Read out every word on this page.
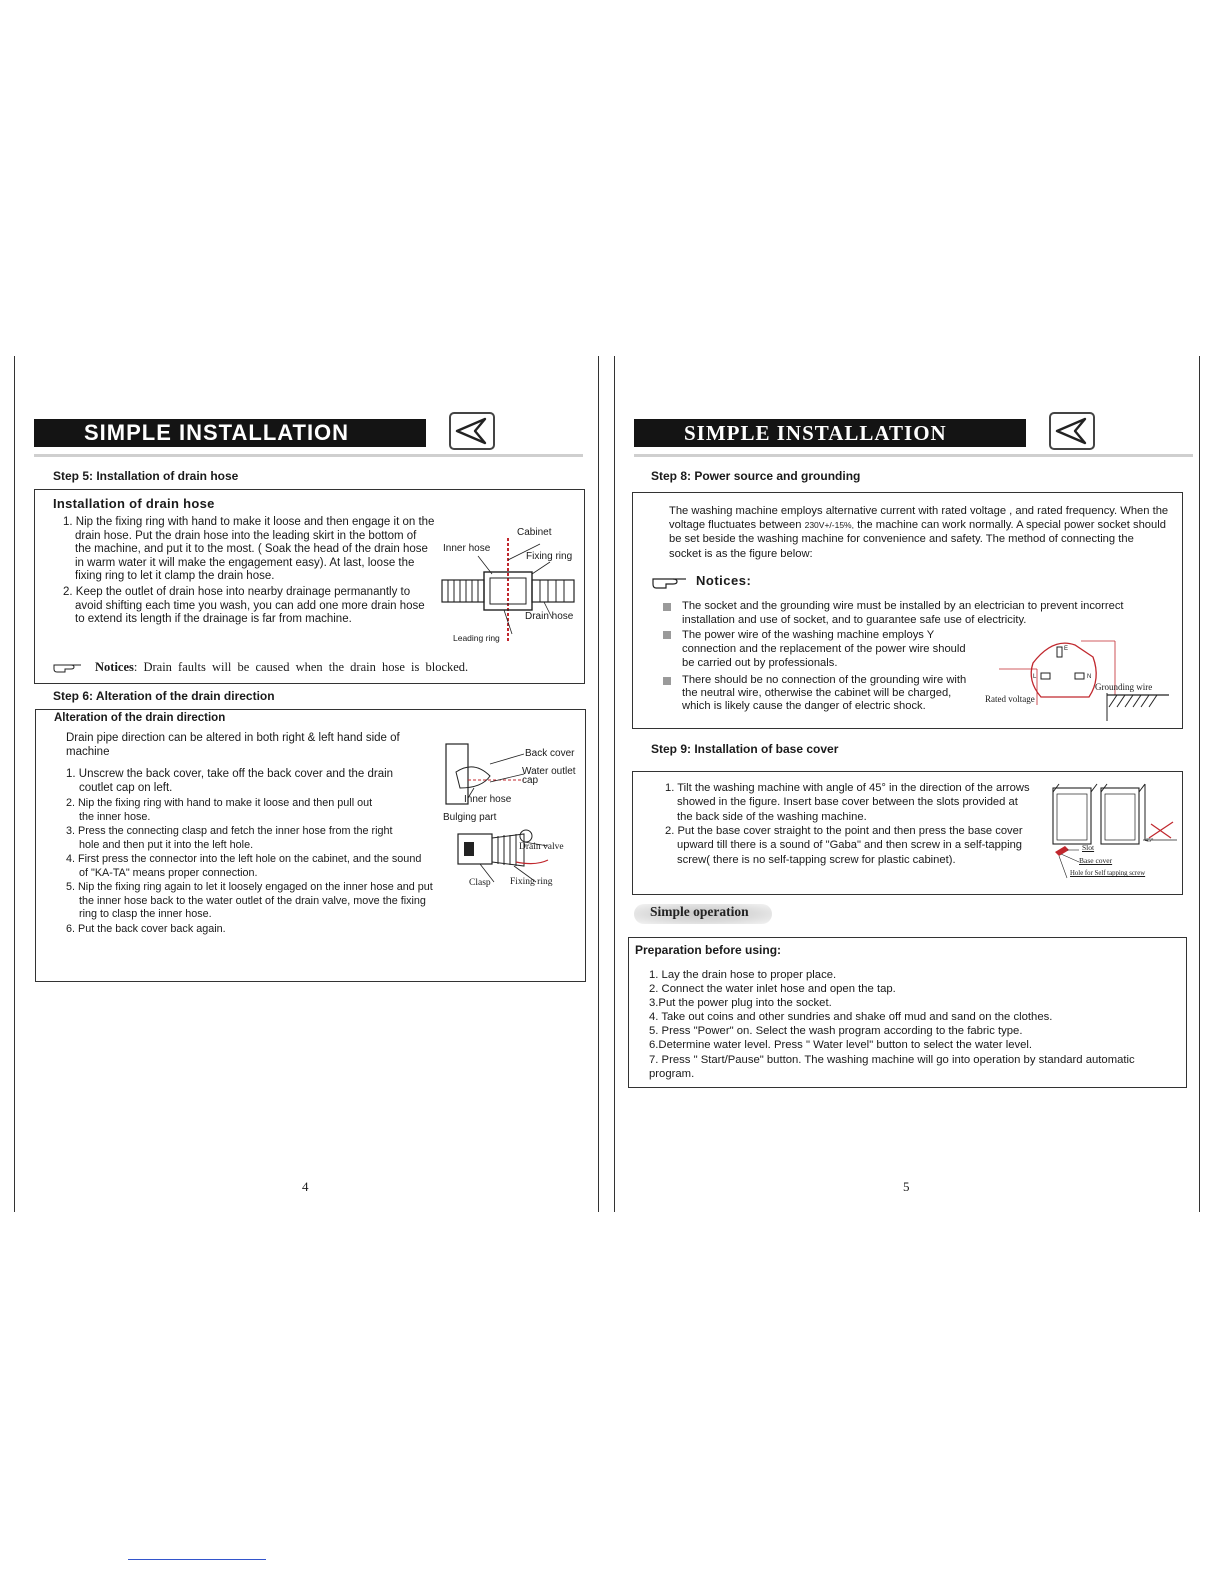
SIMPLE INSTALLATION
Step 5: Installation of drain hose
Installation of drain hose
1. Nip the fixing ring with hand to make it loose and then engage it on the drain hose. Put the drain hose into the leading skirt in the bottom of the machine, and put it to the most. ( Soak the head of the drain hose in warm water it will make the engagement easy). At last, loose the fixing ring to let it clamp the drain hose.
2. Keep the outlet of drain hose into nearby drainage permanantly to avoid shifting each time you wash, you can add one more drain hose to extend its length if the drainage is far from machine.
Cabinet
Inner hose
Fixing ring
Drain hose
Leading ring
Notices: Drain faults will be caused when the drain hose is blocked.
Step 6: Alteration of the drain direction
Alteration of the drain direction
Drain pipe direction can be altered in both right & left hand side of machine
1. Unscrew the back cover, take off the back cover and the drain coutlet cap on left.
2. Nip the fixing ring with hand to make it loose and then pull out the inner hose.
3. Press the connecting clasp and fetch the inner hose from the right hole and then put it into the left hole.
4. First press the connector into the left hole on the cabinet, and the sound of "KA-TA" means proper connection.
5. Nip the fixing ring again to let it loosely engaged on the inner hose and put the inner hose back to the water outlet of the drain valve, move the fixing ring to clasp the inner hose.
6. Put the back cover back again.
Back cover
Water outlet
cap
Inner hose
Bulging part
Drain valve
Clasp Fixing ring
4
SIMPLE INSTALLATION
Step 8: Power source and grounding
The washing machine employs alternative current with rated voltage , and rated frequency. When the voltage fluctuates between 230V+/-15%, the machine can work normally. A special power socket should be set beside the washing machine for convenience and safety. The method of connecting the socket is as the figure below:
Notices:
The socket and the grounding wire must be installed by an electrician to prevent incorrect installation and use of socket, and to guarantee safe use of electricity.
The power wire of the washing machine employs Y connection and the replacement of the power wire should be carried out by professionals.
There should be no connection of the grounding wire with the neutral wire, otherwise the cabinet will be charged, which is likely cause the danger of electric shock.
E
L	N
Rated voltage
Grounding wire
Step 9: Installation of base cover
1. Tilt the washing machine with angle of 45° in the direction of the arrows showed in the figure. Insert base cover between the slots provided at the back side of the washing machine.
2. Put the base cover straight to the point and then press the base cover upward till there is a sound of "Gaba" and then screw in a self-tapping screw( there is no self-tapping screw for plastic cabinet).
45°
Slot
Base cover
Hole for Self tapping screw
Simple operation
Preparation before using:
1. Lay the drain hose to proper place.
2. Connect the water inlet hose and open the tap.
3.Put the power plug into the socket.
4. Take out coins and other sundries and shake off mud and sand on the clothes.
5. Press "Power" on. Select the wash program according to the fabric type.
6.Determine water level. Press " Water level" button to select the water level.
7. Press " Start/Pause" button. The washing machine will go into operation by standard automatic program.
5
